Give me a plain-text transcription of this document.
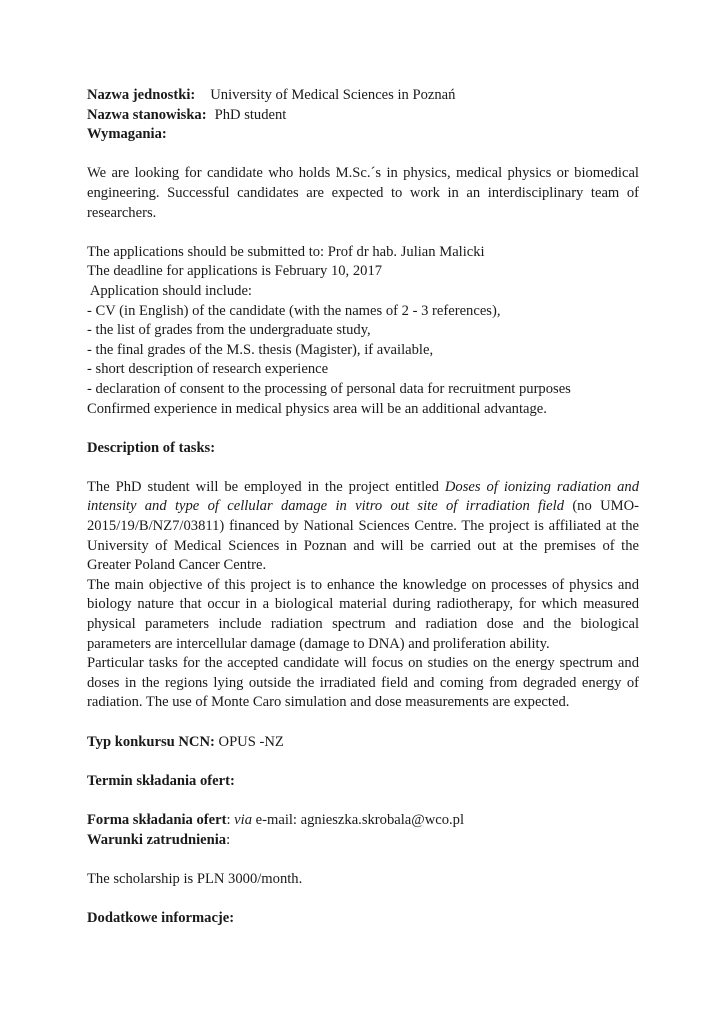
Nazwa jednostki: University of Medical Sciences in Poznań
Nazwa stanowiska: PhD student
Wymagania:
We are looking for candidate who holds M.Sc.´s in physics, medical physics or biomedical engineering. Successful candidates are expected to work in an interdisciplinary team of researchers.
The applications should be submitted to: Prof dr hab. Julian Malicki
The deadline for applications is February 10, 2017
Application should include:
- CV (in English) of the candidate (with the names of 2 - 3 references),
- the list of grades from the undergraduate study,
- the final grades of the M.S. thesis (Magister), if available,
- short description of research experience
- declaration of consent to the processing of personal data for recruitment purposes
Confirmed experience in medical physics area will be an additional advantage.
Description of tasks:
The PhD student will be employed in the project entitled Doses of ionizing radiation and intensity and type of cellular damage in vitro out site of irradiation field (no UMO-2015/19/B/NZ7/03811) financed by National Sciences Centre. The project is affiliated at the University of Medical Sciences in Poznan and will be carried out at the premises of the Greater Poland Cancer Centre.
The main objective of this project is to enhance the knowledge on processes of physics and biology nature that occur in a biological material during radiotherapy, for which measured physical parameters include radiation spectrum and radiation dose and the biological parameters are intercellular damage (damage to DNA) and proliferation ability.
Particular tasks for the accepted candidate will focus on studies on the energy spectrum and doses in the regions lying outside the irradiated field and coming from degraded energy of radiation. The use of Monte Caro simulation and dose measurements are expected.
Typ konkursu NCN: OPUS -NZ
Termin składania ofert:
Forma składania ofert: via e-mail: agnieszka.skrobala@wco.pl
Warunki zatrudnienia:
The scholarship is PLN 3000/month.
Dodatkowe informacje:
